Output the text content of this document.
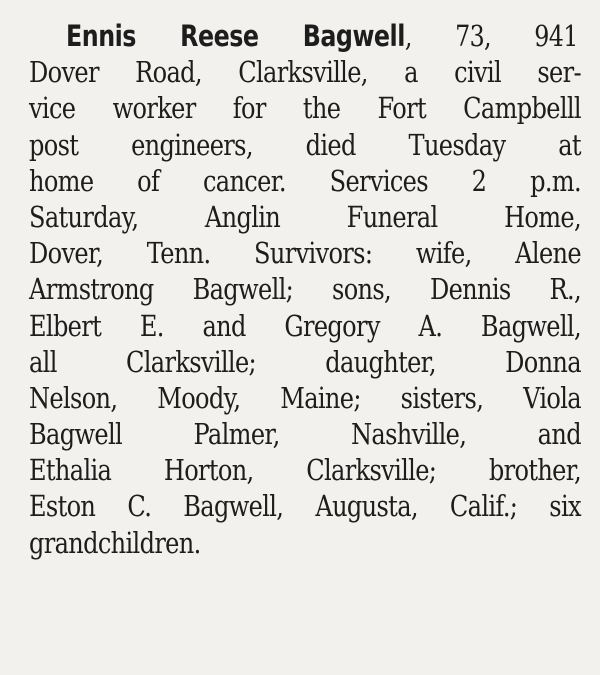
Ennis Reese Bagwell, 73, 941
Dover Road, Clarksville, a civil ser-
vice worker for the Fort Campbelll
post engineers, died Tuesday at
home of cancer. Services 2 p.m.
Saturday, Anglin Funeral Home,
Dover, Tenn. Survivors: wife, Alene
Armstrong Bagwell; sons, Dennis R.,
Elbert E. and Gregory A. Bagwell,
all Clarksville; daughter, Donna
Nelson, Moody, Maine; sisters, Viola
Bagwell Palmer, Nashville, and
Ethalia Horton, Clarksville; brother,
Eston C. Bagwell, Augusta, Calif.; six
grandchildren.
